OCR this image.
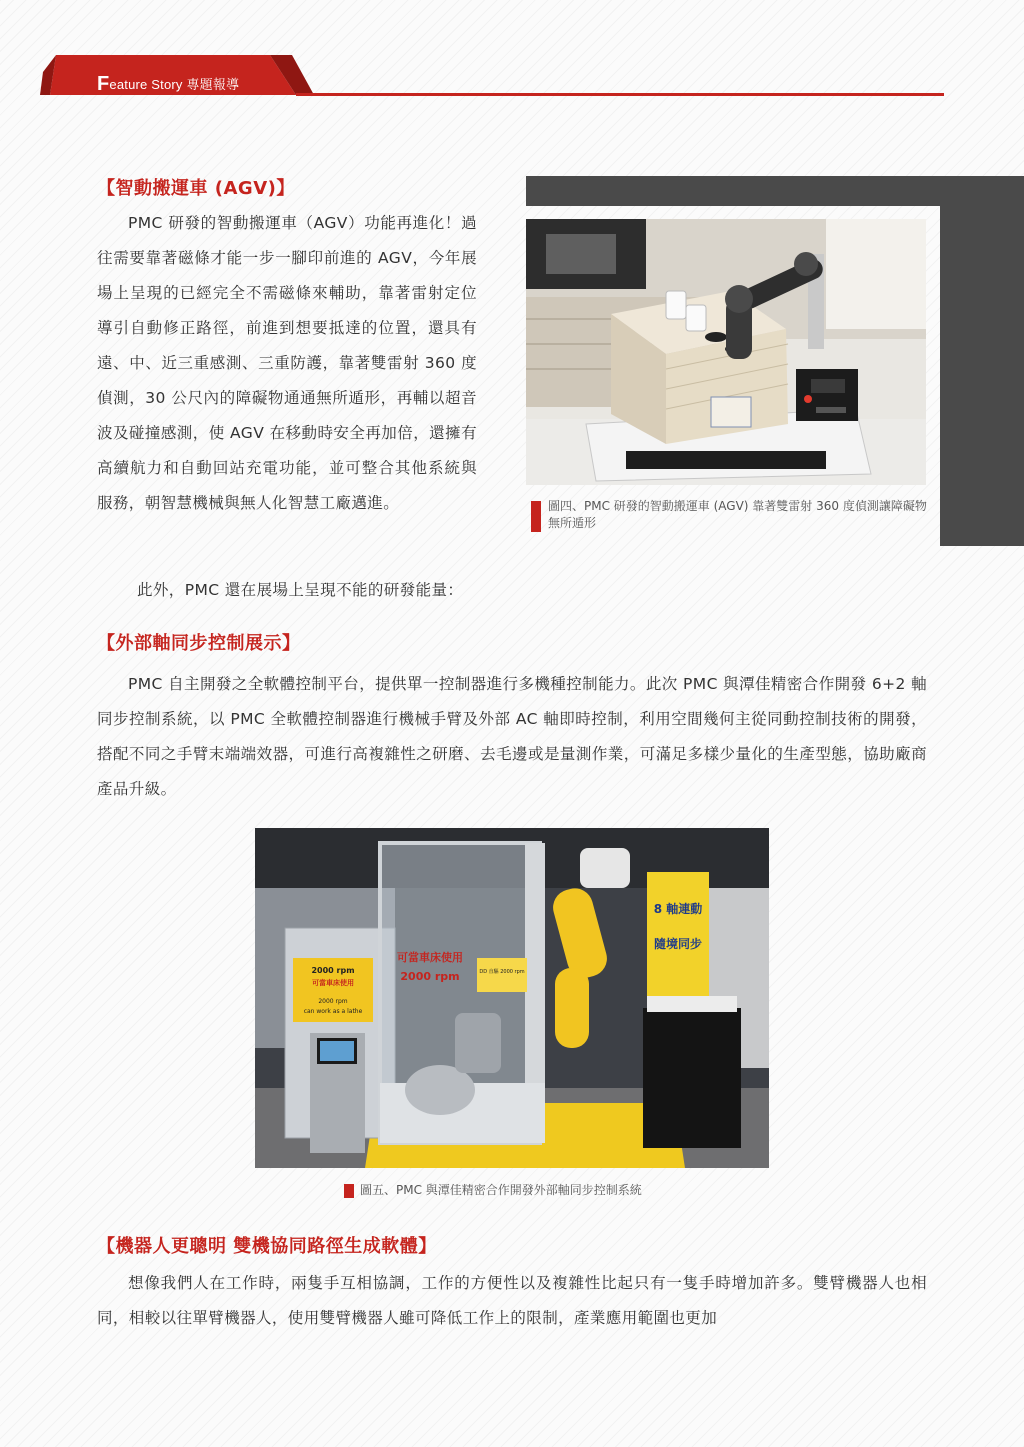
Feature Story 專題報導
【智動搬運車 (AGV)】
PMC 研發的智動搬運車（AGV）功能再進化！過往需要靠著磁條才能一步一腳印前進的 AGV，今年展場上呈現的已經完全不需磁條來輔助，靠著雷射定位導引自動修正路徑，前進到想要抵達的位置，還具有遠、中、近三重感測、三重防護，靠著雙雷射 360 度偵測，30 公尺內的障礙物通通無所遁形，再輔以超音波及碰撞感測，使 AGV 在移動時安全再加倍，還擁有高續航力和自動回站充電功能，並可整合其他系統與服務，朝智慧機械與無人化智慧工廠邁進。	圖四、PMC 研發的智動搬運車 (AGV) 靠著雙雷射 360 度偵測讓障礙物無所遁形
此外，PMC 還在展場上呈現不能的研發能量：
【外部軸同步控制展示】
PMC 自主開發之全軟體控制平台，提供單一控制器進行多機種控制能力。此次 PMC 與潭佳精密合作開發 6+2 軸同步控制系統，以 PMC 全軟體控制器進行機械手臂及外部 AC 軸即時控制，利用空間幾何主從同動控制技術的開發，搭配不同之手臂末端端效器，可進行高複雜性之研磨、去毛邊或是量測作業，可滿足多樣少量化的生產型態，協助廠商產品升級。
2000 rpm
可當車床使用
2000 rpm
can work as a lathe
可當車床使用
2000 rpm	DD 直驅 2000 rpm
8 軸連動
隨境同步
圖五、PMC 與潭佳精密合作開發外部軸同步控制系統
【機器人更聰明 雙機協同路徑生成軟體】
想像我們人在工作時，兩隻手互相協調，工作的方便性以及複雜性比起只有一隻手時增加許多。雙臂機器人也相同，相較以往單臂機器人，使用雙臂機器人雖可降低工作上的限制，產業應用範圍也更加
